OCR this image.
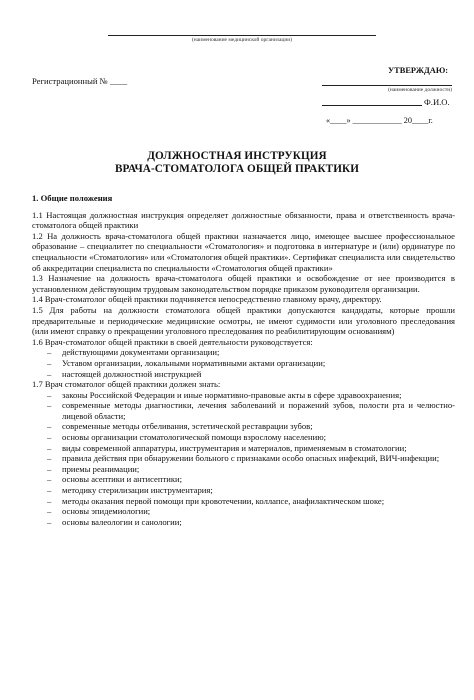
(наименование медицинской организации)
Регистрационный № ____
УТВЕРЖДАЮ:
(наименование должности)
Ф.И.О.
«____» ____________ 20____г.
ДОЛЖНОСТНАЯ ИНСТРУКЦИЯ
ВРАЧА-СТОМАТОЛОГА ОБЩЕЙ ПРАКТИКИ

1. Общие положения

1.1 Настоящая должностная инструкция определяет должностные обязанности, права и ответственность врача-стоматолога общей практики

1.2 На должность врача-стоматолога общей практики назначается лицо, имеющее высшее профессиональное образование – специалитет по специальности «Стоматология» и подготовка в интернатуре и (или) ординатуре по специальности «Стоматология» или «Стоматология общей практики». Сертификат специалиста или свидетельство об аккредитации специалиста по специальности «Стоматология общей практики»

1.3 Назначение на должность врача-стоматолога общей практики и освобождение от нее производится в установленном действующим трудовым законодательством порядке приказом руководителя организации.

1.4 Врач-стоматолог общей практики подчиняется непосредственно главному врачу, директору.

1.5 Для работы на должности стоматолога общей практики допускаются кандидаты, которые прошли предварительные и периодические медицинские осмотры, не имеют судимости или уголовного преследования (или имеют справку о прекращении уголовного преследования по реабилитирующим основаниям)

1.6 Врач-стоматолог общей практики в своей деятельности руководствуется:

– действующими документами организации;
– Уставом организации, локальными нормативными актами организации;
– настоящей должностной инструкцией

1.7 Врач стоматолог общей практики должен знать:

– законы Российской Федерации и иные нормативно-правовые акты в сфере здравоохранения;
– современные методы диагностики, лечения заболеваний и поражений зубов, полости рта и челюстно-лицевой области;
– современные методы отбеливания, эстетической реставрации зубов;
– основы организации стоматологической помощи взрослому населению;
– виды современной аппаратуры, инструментария и материалов, применяемым в стоматологии;
– правила действия при обнаружении больного с признаками особо опасных инфекций, ВИЧ-инфекции;
– приемы реанимации;
– основы асептики и антисептики;
– методику стерилизации инструментария;
– методы оказания первой помощи при кровотечении, коллапсе, анафилактическом шоке;
– основы эпидемиологии;
– основы валеологии и санологии;
